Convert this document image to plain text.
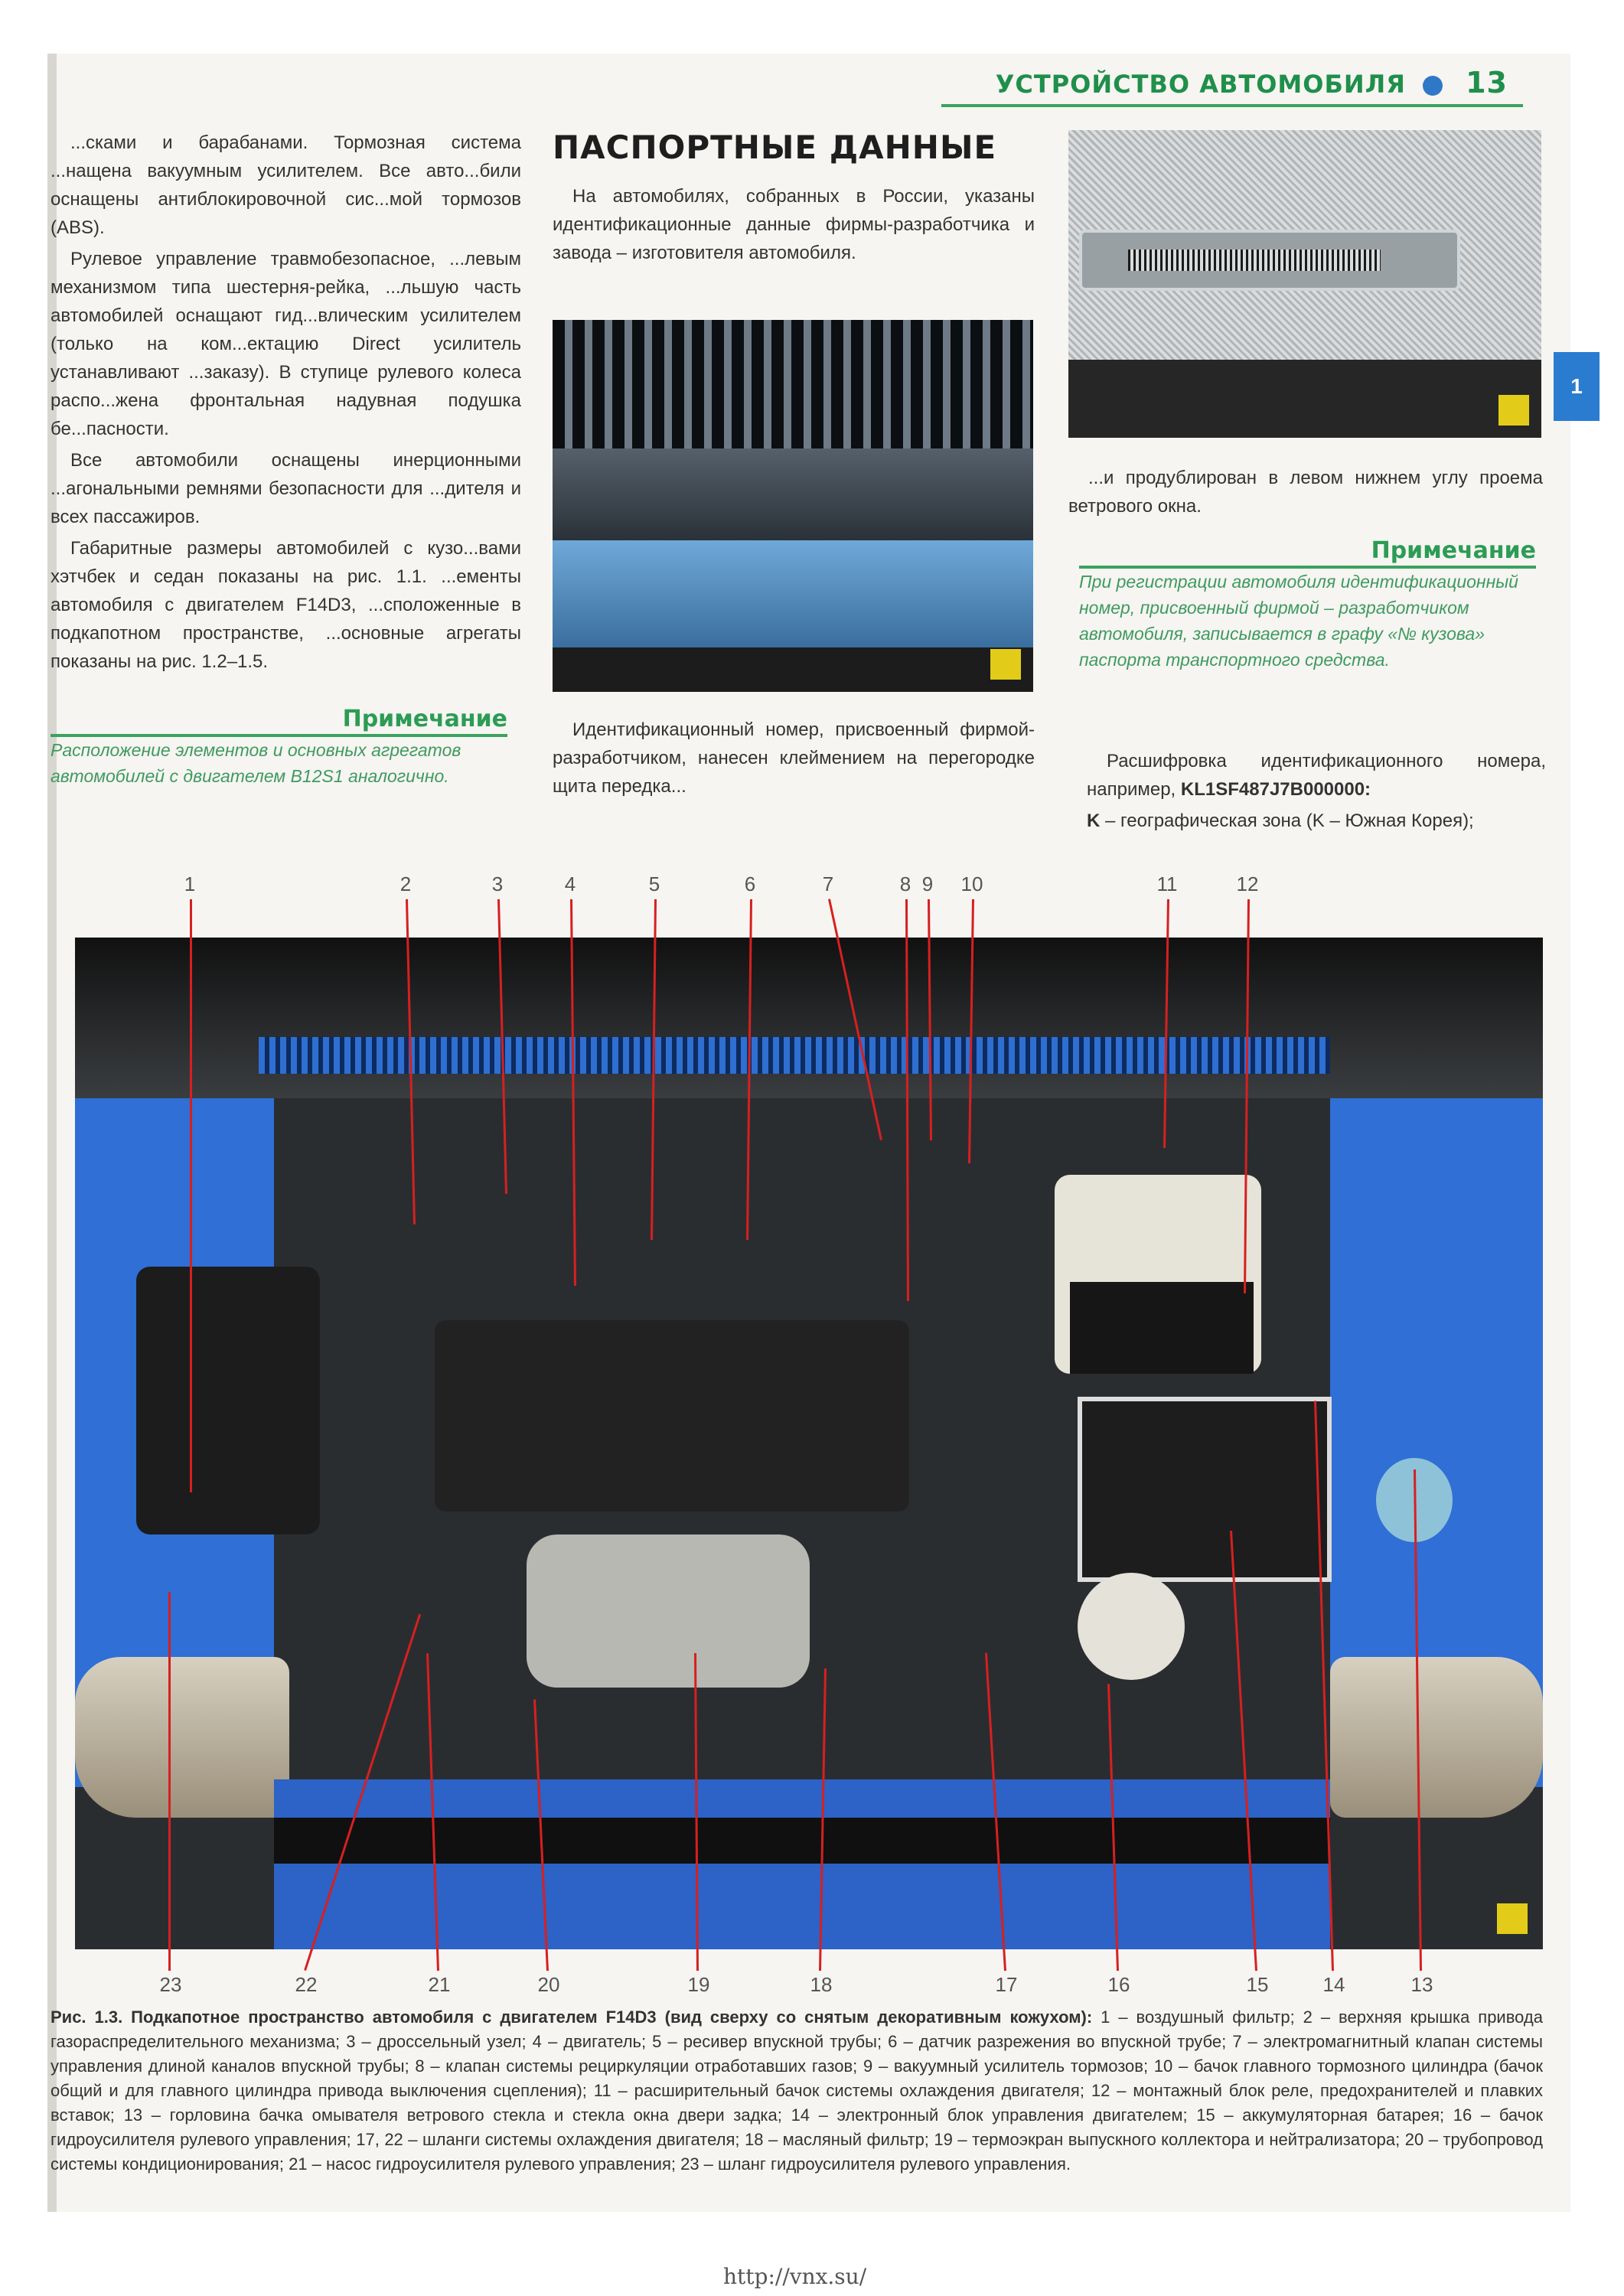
УСТРОЙСТВО АВТОМОБИЛЯ 13
1

...сками и барабанами. Тормозная система ...нащена вакуумным усилителем. Все авто...били оснащены антиблокировочной сис...мой тормозов (ABS).

Рулевое управление травмобезопасное, ...левым механизмом типа шестерня-рейка, ...льшую часть автомобилей оснащают гид...влическим усилителем (только на ком...ектацию Direct усилитель устанавливают ...заказу). В ступице рулевого колеса распо...жена фронтальная надувная подушка бе...пасности.

Все автомобили оснащены инерционными ...агональными ремнями безопасности для ...дителя и всех пассажиров.

Габаритные размеры автомобилей с кузо...вами хэтчбек и седан показаны на рис. 1.1. ...ементы автомобиля с двигателем F14D3, ...сположенные в подкапотном пространстве, ...основные агрегаты показаны на рис. 1.2–1.5.

Примечание
Расположение элементов и основных агрегатов автомобилей с двигателем B12S1 аналогично.
ПАСПОРТНЫЕ ДАННЫЕ

На автомобилях, собранных в России, указаны идентификационные данные фирмы-разработчика и завода – изготовителя автомобиля.

Идентификационный номер, присвоенный фирмой-разработчиком, нанесен клеймением на перегородке щита передка...

...и продублирован в левом нижнем углу проема ветрового окна.

Примечание
При регистрации автомобиля идентификационный номер, присвоенный фирмой – разработчиком автомобиля, записывается в графу «№ кузова» паспорта транспортного средства.

Расшифровка идентификационного номера, например, KL1SF487J7B000000:

K – географическая зона (K – Южная Корея);

1	2	3	4	5	6	7	8 9	10	11	12
23	22	21	20	19	18	17	16	15	14	13
Рис. 1.3. Подкапотное пространство автомобиля с двигателем F14D3 (вид сверху со снятым декоративным кожухом): 1 – воздушный фильтр; 2 – верхняя крышка привода газораспределительного механизма; 3 – дроссельный узел; 4 – двигатель; 5 – ресивер впускной трубы; 6 – датчик разрежения во впускной трубе; 7 – электромагнитный клапан системы управления длиной каналов впускной трубы; 8 – клапан системы рециркуляции отработавших газов; 9 – вакуумный усилитель тормозов; 10 – бачок главного тормозного цилиндра (бачок общий и для главного цилиндра привода выключения сцепления); 11 – расширительный бачок системы охлаждения двигателя; 12 – монтажный блок реле, предохранителей и плавких вставок; 13 – горловина бачка омывателя ветрового стекла и стекла окна двери задка; 14 – электронный блок управления двигателем; 15 – аккумуляторная батарея; 16 – бачок гидроусилителя рулевого управления; 17, 22 – шланги системы охлаждения двигателя; 18 – масляный фильтр; 19 – термоэкран выпускного коллектора и нейтрализатора; 20 – трубопровод системы кондиционирования; 21 – насос гидроусилителя рулевого управления; 23 – шланг гидроусилителя рулевого управления.
http://vnx.su/
